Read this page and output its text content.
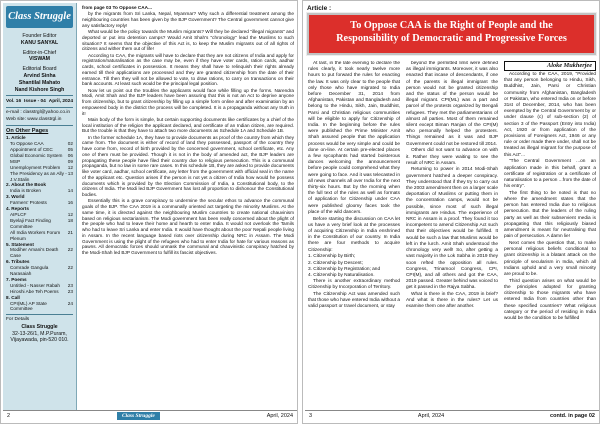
Class Struggle
Founder Editor
KANU SANYAL
Editor-in-Chief
VISWAM
Editorial Board
Arvind Sinha
Shantilal Mahato
Nand Kishore Singh
Vol. 16 Issue - 04 April, 2024
e-mail : classtrgl@yahoo.co.in
Web site: www.classtrgl.in
On Other Pages
1. Article
To Oppose CAA	02
Appointment of CEC	05
Global Economic System 06
MSP	09
Unemployment Problem 12
The Presidency as an Ally - J.V.Stalin
13
2. About the Book
India is Broken	14
3. World
Farmers' Protests	16
4. Reports
AIPLCF	12
Byelaji Fact Finding Committee
18
All India Workers Forum Plenum
21
5. Statement
Modiher Amani's Death Case
22
6. Tributes
Comrade Gangula Narasaiah
22
7. Poems
Untitled - Nasser Rabah 23
Hiroshi Abe Teh Poems 23
8. Call
CPI(ML) AP State Committee
24
For Details
Class Struggle
32-13-26/1, M.P.Puram,
Vijayawada, pin-520 010.

from page 03 To Oppose CAA...

by the migrants from Sri Lanka, Nepal, Myanmar? Why such a differential treatment among the neighbouring countries has been given by the BJP Government? The Central government cannot give any satisfactory reply!

What would be the policy towards the Muslim migrants? Will they be declared "illegal migrants" and deported or put into detention camps? Would Amit Shah's "chronology" lead the Muslims to such situation? It seems that the objective of this Act is, to keep the Muslim migrants out of all rights of citizens and wither them out of life!

According to CAA, the migrants will have to declare that they are not citizens of India and apply for registration/naturalisation as the case may be, even if they have voter cards, ration cards, aadhar cards, school certificates in possession. It means they shall have to relinquish their rights already earned till their applications are processed and they are granted citizenship from the date of their entrance. Till then they will not be allowed to vote, to draw rations, to carry on transactions on their bank accounts. At least such would be the principal legal position.

Now let us point out the troubles the applicants would face while filling up the forms. Narendra Modi, Amit Shah and the BJP leaders have been assuring that this is not an Act to deprive anyone from citizenship, but to grant citizenship by filling up a simple form online and after examination by an empowered body in the district the process will be completed. It is a propaganda without any truth in it!

Main body of the form is simple, but certain supporting documents like certificates by a chief of the local institution of the religion the applicant declared, and certificate of an Indian citizen, are required. But the trouble is that they have to attach two more documents as Schedule 1A and Schedule 1B.

In the former schedule 1A, they have to provide documents as proof of the country from which they came from. The document is either of record of land they possessed, passport of the country they have come from, record of birth provided by the concerned government, school certificate, etc. Any one of them must be provided. Though it is not in the body of amended act, the BJP leaders are propagating these people have filed their country due to religious persecution. This is a communal propaganda, but no law in some rare cases. In this schedule 1B, they are asked to provide documents like voter card, aadhar, school certificate, any letter from the government with official seal in the name of the applicant etc. Question arises if the person is not yet a citizen of India how would he possess documents which is provided by the Election Commission of India, a Constitutional body, to the citizens of India. The Modi led BJP Government has lost all proportion to dishonour the Constitutional bodies.

Essentially this is a grave conspiracy to undermine the secular ethos to advance the communal goals of the BJP. The CAA 2019 is a communally oriented act targeting the minority Muslims. At the same time, it is directed against the neighbouring Muslim countries to create national chauvinism based on religious sectarianism. The Modi government has been really concerned about the plight of the people who had to leave their home and hearth to enter India. It would not overlook the Tamils who had to leave Sri Lanka and enter India. It would have thought about the poor Nepali people living in Assam. In the recent language based riots over citizenship during NRC in Assam. The Modi Government is using the plight of the refugees who had to enter India for hate for various reasons as pawns. All democratic forces should unmask the communal and chauvinistic conspiracy hatched by the Modi-Shah led BJP Government to fulfill its fascist objectives.

2	Class Struggle	April, 2024
Article :
To Oppose CAA is the Right of People and the
Responsibility of Democratic and Progressive Forces

At last, in the late evening to declare the rules clearly, it took nearly twelve more hours to put forward the rules for enacting the law. It was only clear to the people that only those who have migrated to India before December 31, 2014 from Afghanistan, Pakistan and Bangladesh and belong to the Hindu, Sikh, Jain, Buddhist, Parsi and Christian religious communities will be eligible to apply for Citizenship of India. In the beginning before the rules were published the Prime Minister Amit Shah assured people that the application process would be very simple and could be done on-line. At certain pre-elected places a few sycophants had started boisterous dances welcoming the announcement before people could comprehend what they were going to face. And it was telecasted in all news channels all over India for the next thirty-six hours. But by the morning when the full text of the rules as well as formats of application for Citizenship under CAA were published gloomy faces took the place of the wild dancers.

Before starting the discussion on CAA let us have a very brief look at the processes of acquiring Citizenship in India enshrined in the Constitution of our country. In India there are four methods to acquire Citizenship:

1. Citizenship by Birth;
2. Citizenship by Descent;
3. Citizenship by Registration; and
4. Citizenship by Naturalisation.

There is another extraordinary method Citizenship by Incorporation of Territory.

The Citizenship Act was amended such that those who have entered India without a valid passport or travel document, or stay

beyond the permitted limit were defined as illegal immigrants. Moreover, it was also enacted that incase of descendants, if one of the parents is illegal immigrant the person would not be granted citizenship and the status of the person would be illegal migrant. CPI(ML) was a part and parcel of the protests organized by Bengali refugees. They met the parliamentarians of almost all parties. Most of them remained silent except Biman Ranjan of the CPI(M) who personally helped the protesters. Things remained as it was and BJP Government could not be restored till 2014.

Others did not want to advance on with it. Rather they were waiting to see the result of NRC in Assam.

Returning to power in 2014 Modi-Shah government hatched a deeper conspiracy. They understood that if they try to carry out the 2003 amendment then on a larger scale deportation of Muslims or putting them in the concentration camps, would not be possible, since most of such illegal immigrants are Hindus. The experience of NRC in Assam is a proof. They found it too incompetent to amend Citizenship Act such that their objectives would be fulfilled. It would be such a law that Muslims would be left in the lurch. Amit Shah understood the chronology very well! So, after getting a vast majority in the Lok Sabha in 2019 they soon refted the opposition all rules. Congress, Trinamool Congress, CPI, CPI(M), and all others and got the CAA, 2019 passed. Greater behind was voiced to get it passed in the Rajya Sabha.

What is there in the CAA, 2019 in brief? And what is there in the rules? Let us examine them one after another.

Aloke Mukherjee

According to the CAA, 2019, "Provided that any person belonging to Hindu, Sikh, Buddhist, Jain, Parsi or Christian community from Afghanistan, Bangladesh or Pakistan, who entered India on or before 31st of December, 2014, who has been exempted by the Central Government by or under clause (c) of sub-section (2) of section 3 of the Passport (Entry into India) Act, 1920 or from application of the provisions of Foreigners Act, 1946 or any rule or order made there under, shall not be treated as illegal migrant for the purpose of this Act"...

"The Central Government ...on an application made in this behalf, grant a certificate of registration or a certificate of naturalisation to a person ...from the date of his entry".

The first thing to be noted is that no where the amendment states that the person has entered India due to religious persecution. But the leaders of the ruling party as well as their subservient media is propagating that this religiously biased amendment is meant for neutralising that pain of persecution. A damn lie!

Next comes the question that, to make personal religious beliefs conditional to grant citizenship is a blatant attack on the principle of secularism in India, which all Indians uphold and a very small minority are proud to be.

Third question arises on what would be the principles adopted for granting citizenship to those migrants who have entered India from countries other than these specified countries? What religious category or the period of residing in India would be the condition to be fulfilled

3	April, 2024	contd. in page 02
